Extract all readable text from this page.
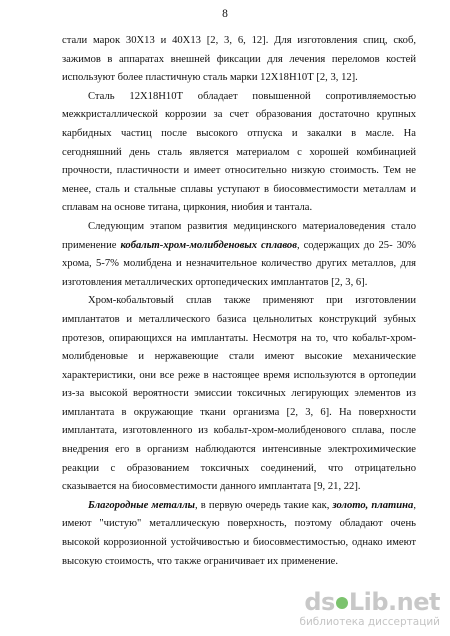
8

стали марок 30Х13 и 40Х13 [2, 3, 6, 12]. Для изготовления спиц, скоб, зажимов в аппаратах внешней фиксации для лечения переломов костей используют более пластичную сталь марки 12Х18Н10Т [2, 3, 12].

Сталь 12Х18Н10Т обладает повышенной сопротивляемостью межкристаллической коррозии за счет образования достаточно крупных карбидных частиц после высокого отпуска и закалки в масле. На сегодняшний день сталь является материалом с хорошей комбинацией прочности, пластичности и имеет относительно низкую стоимость. Тем не менее, сталь и стальные сплавы уступают в биосовместимости металлам и сплавам на основе титана, циркония, ниобия и тантала.

Следующим этапом развития медицинского материаловедения стало применение кобальт-хром-молибденовых сплавов, содержащих до 25- 30% хрома, 5-7% молибдена и незначительное количество других металлов, для изготовления металлических ортопедических имплантатов [2, 3, 6].

Хром-кобальтовый сплав также применяют при изготовлении имплантатов и металлического базиса цельнолитых конструкций зубных протезов, опирающихся на имплантаты. Несмотря на то, что кобальт-хром-молибденовые и нержавеющие стали имеют высокие механические характеристики, они все реже в настоящее время используются в ортопедии из-за высокой вероятности эмиссии токсичных легирующих элементов из имплантата в окружающие ткани организма [2, 3, 6]. На поверхности имплантата, изготовленного из кобальт-хром-молибденового сплава, после внедрения его в организм наблюдаются интенсивные электрохимические реакции с образованием токсичных соединений, что отрицательно сказывается на биосовместимости данного имплантата [9, 21, 22].

Благородные металлы, в первую очередь такие как, золото, платина, имеют "чистую" металлическую поверхность, поэтому обладают очень высокой коррозионной устойчивостью и биосовместимостью, однако имеют высокую стоимость, что также ограничивает их применение.

ds Lib.net
библиотека диссертаций
